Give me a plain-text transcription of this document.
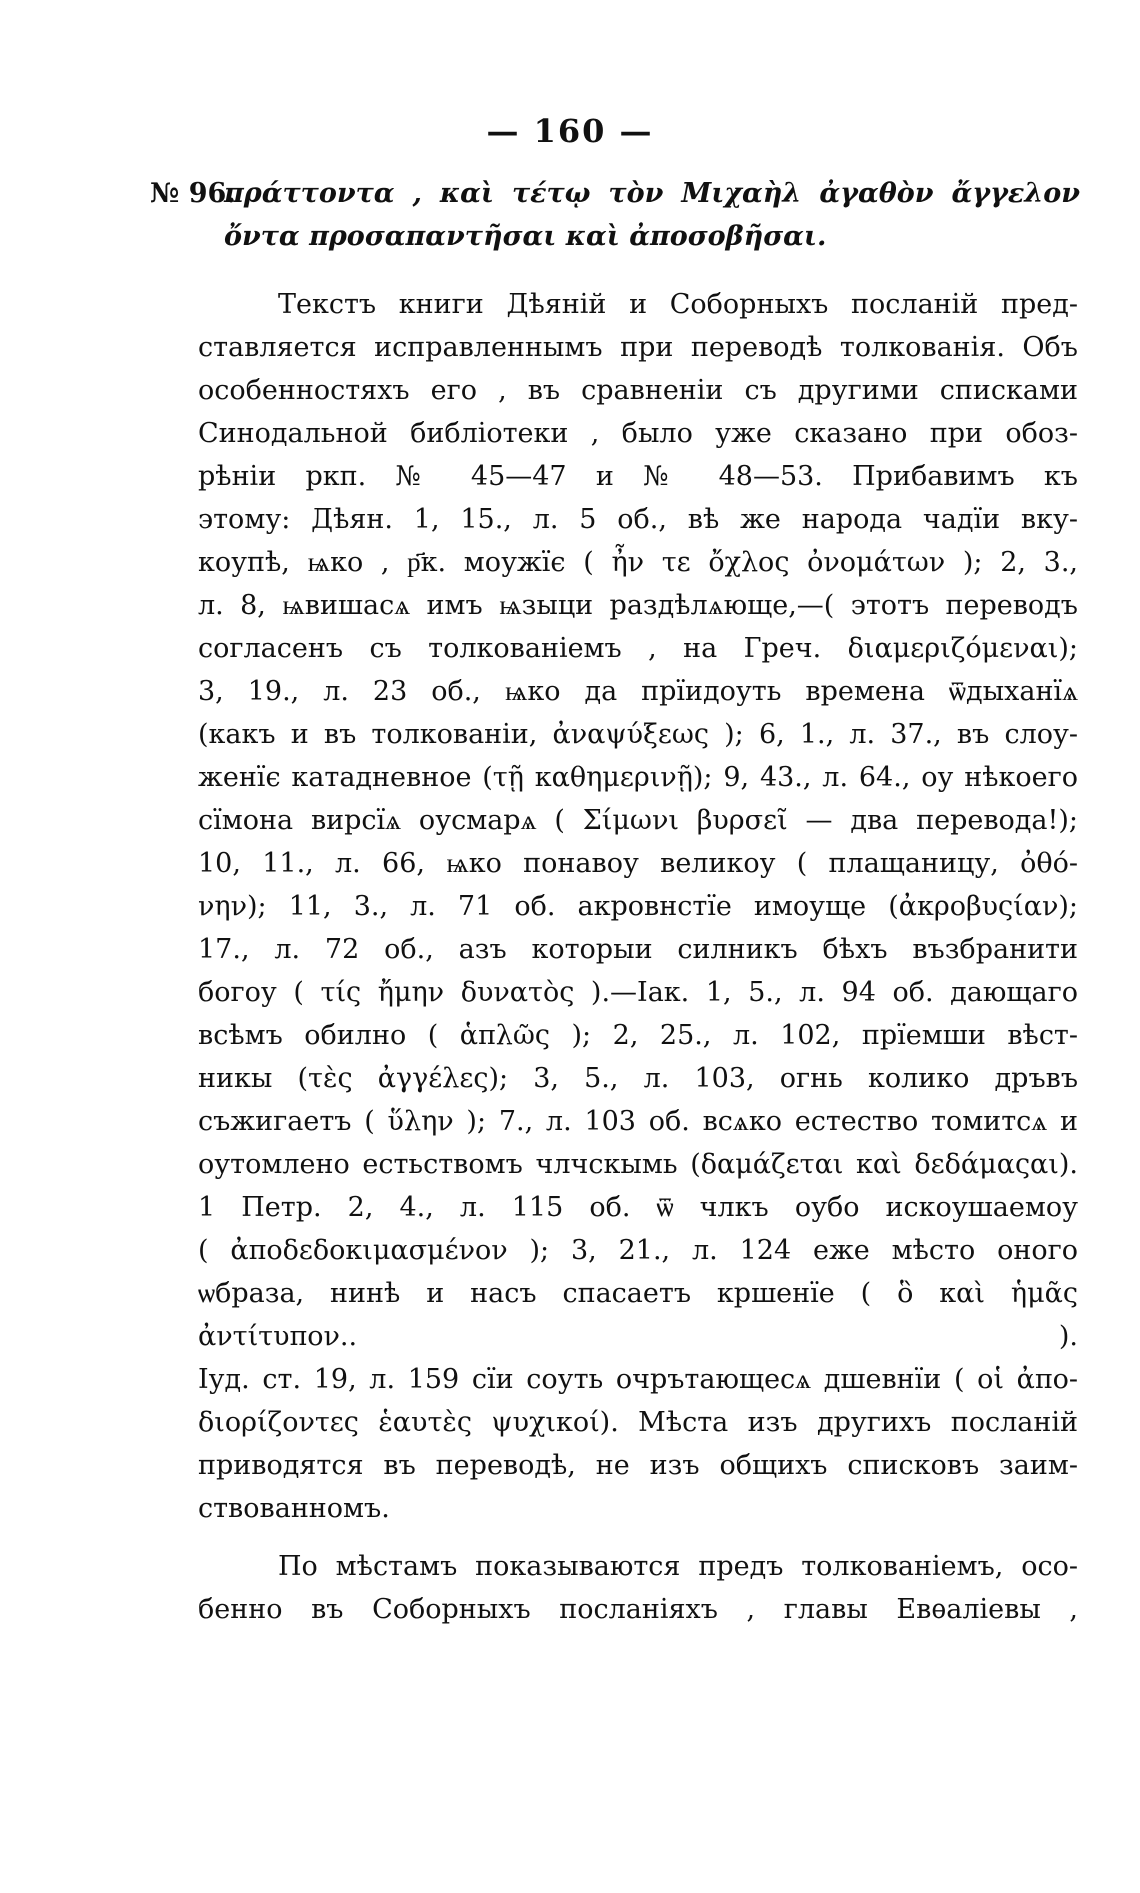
— 160 —
№ 96.
πράττοντα , καὶ τέτῳ τὸν Μιχαὴλ ἀγαθὸν ἄγγελον ὄντα προσαπαντῆσαι καὶ ἀποσοβῆσαι.
Текстъ книги Дѣяній и Соборныхъ посланій пред-
ставляется исправленнымъ при переводѣ толкованія. Объ
особенностяхъ его , въ сравненіи съ другими списками
Синодальной библіотеки , было уже сказано при обоз-
рѣніи ркп. № 45—47 и № 48—53. Прибавимъ къ
этому: Дѣян. 1, 15., л. 5 об., вѣ же народа чадїи вку-
коупѣ, ѩко , р҃к. моужїє ( ἦν τε ὄχλος ὀνομάτων ); 2, 3.,
л. 8, ѩвишасѧ имъ ѩзыци раздѣлѧюще,—( этотъ переводъ
согласенъ съ толкованіемъ , на Греч. διαμεριζόμεναι);
3, 19., л. 23 об., ѩко да прїидоуть времена ѿдыханїѧ
(какъ и въ толкованіи, ἀναψύξεως ); 6, 1., л. 37., въ слоу-
женїє катадневное (τῇ καθημερινῇ); 9, 43., л. 64., оу нѣкоего
сїмона вирсїѧ оусмарѧ ( Σίμωνι βυρσεῖ — два перевода!);
10, 11., л. 66, ѩко понавоу великоу ( плащаницу, ὀθό-
νην); 11, 3., л. 71 об. акровнстїе имоуще (ἀκροβυςίαν);
17., л. 72 об., азъ которыи силникъ бѣхъ възбранити
богоу ( τίς ἤμην δυνατὸς ).—Іак. 1, 5., л. 94 об. дающаго
всѣмъ обилно ( ἁπλῶς ); 2, 25., л. 102, прїемши вѣст-
никы (τὲς ἀγγέλες); 3, 5., л. 103, огнь колико дръвъ
съжигаетъ ( ὕλην ); 7., л. 103 об. всѧко естество томитсѧ и
оутомлено естьствомъ члчскымь (δαμάζεται καὶ δεδάμαςαι).
1 Петр. 2, 4., л. 115 об. ѿ члкъ оубо искоушаемоу
( ἀποδεδοκιμασμένον ); 3, 21., л. 124 еже мѣсто оного
ѡбраза, нинѣ и насъ спасаетъ кршенїе ( ὃ καὶ ἡμᾶς ἀντίτυπον.. ).
Іуд. ст. 19, л. 159 сїи соуть очрътающесѧ дшевнїи ( οἱ ἀπο-
διορίζοντες ἑαυτὲς ψυχικοί). Мѣста изъ другихъ посланій
приводятся въ переводѣ, не изъ общихъ списковъ заим-
ствованномъ.
По мѣстамъ показываются предъ толкованіемъ, осо-
бенно въ Соборныхъ посланіяхъ , главы Евѳаліевы ,
